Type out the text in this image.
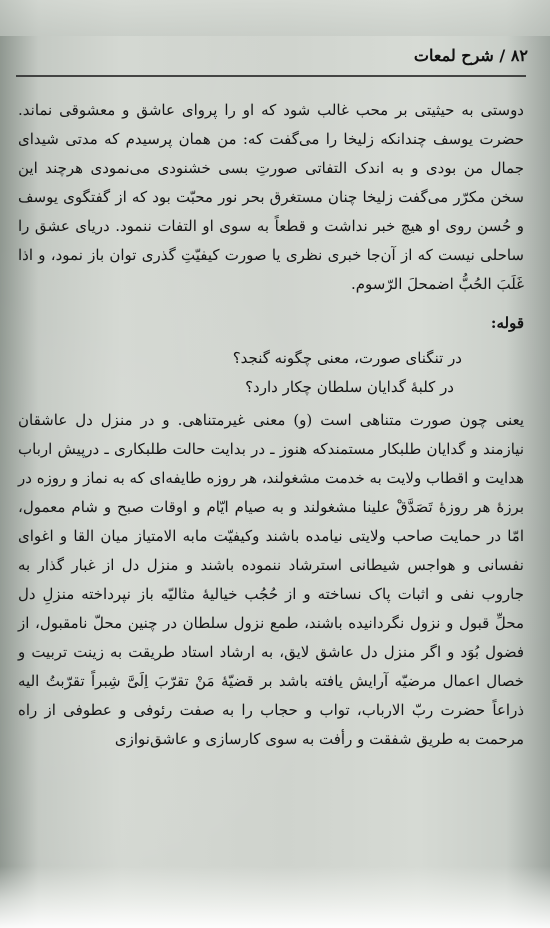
۸۲ / شرح لمعات

دوستی به حیثیتی بر محب غالب شود که او را پروای عاشق و معشوقی نماند. حضرت یوسف چندانکه زلیخا را می‌گفت که: من همان پرسیدم که مدتی شیدای جمال من بودی و به اندک التفاتی صورتِ بسی خشنودی می‌نمودی هرچند این سخن مکرّر می‌گفت زلیخا چنان مستغرق بحر نور محبّت بود که از گفتگوی یوسف و حُسن روی او هیچ خبر نداشت و قطعاً به سوی او التفات ننمود. دریای عشق را ساحلی نیست که از آن‌جا خبری نظری یا صورت کیفیّتِ گذری توان باز نمود، و اذا غَلَبَ الحُبُّ اضمحلَ الرّسوم.

قوله:

در تنگنای صورت، معنی چگونه گنجد؟

در کلبهٔ گدایان سلطان چکار دارد؟

یعنی چون صورت متناهی است (و) معنی غیرمتناهی. و در منزل دل عاشقان نیازمند و گدایان طلبکار مستمندکه هنوز ـ در بدایت حالت طلبکاری ـ درپیش ارباب هدایت و اقطاب ولایت به خدمت مشغولند، هر روزه طایفه‌ای که به نماز و روزه در برزهٔ هر روزهٔ تَصَدَّقْ علینا مشغولند و به صیام ایّام و اوقات صبح و شام معمول، امّا در حمایت صاحب ولایتی نیامده باشند وکیفیّت مابه الامتیاز میان القا و اغوای نفسانی و هواجس شیطانی استرشاد ننموده باشند و منزل دل از غبار گذار به جاروب نفی و اثبات پاک نساخته و از حُجُب خیالیهٔ مثالیّه باز نپرداخته منزلِ دل محلِّ قبول و نزول نگردانیده باشند، طمع نزول سلطان در چنین محلّ نامقبول، از فضول بُوَد و اگر منزل دل عاشق لایق، به ارشاد استاد طریقت به زینت تربیت و خصال اعمال مرضیّه آرایش یافته باشد بر قضیّهٔ مَنْ تقرّبَ اِلَیَّ شِبراً تقرّبتُ الیه ذراعاً حضرت ربّ الارباب، تواب و حجاب را به صفت رئوفی و عطوفی از راه مرحمت به طریق شفقت و رأفت به سوی کارسازی و عاشق‌نوازی
